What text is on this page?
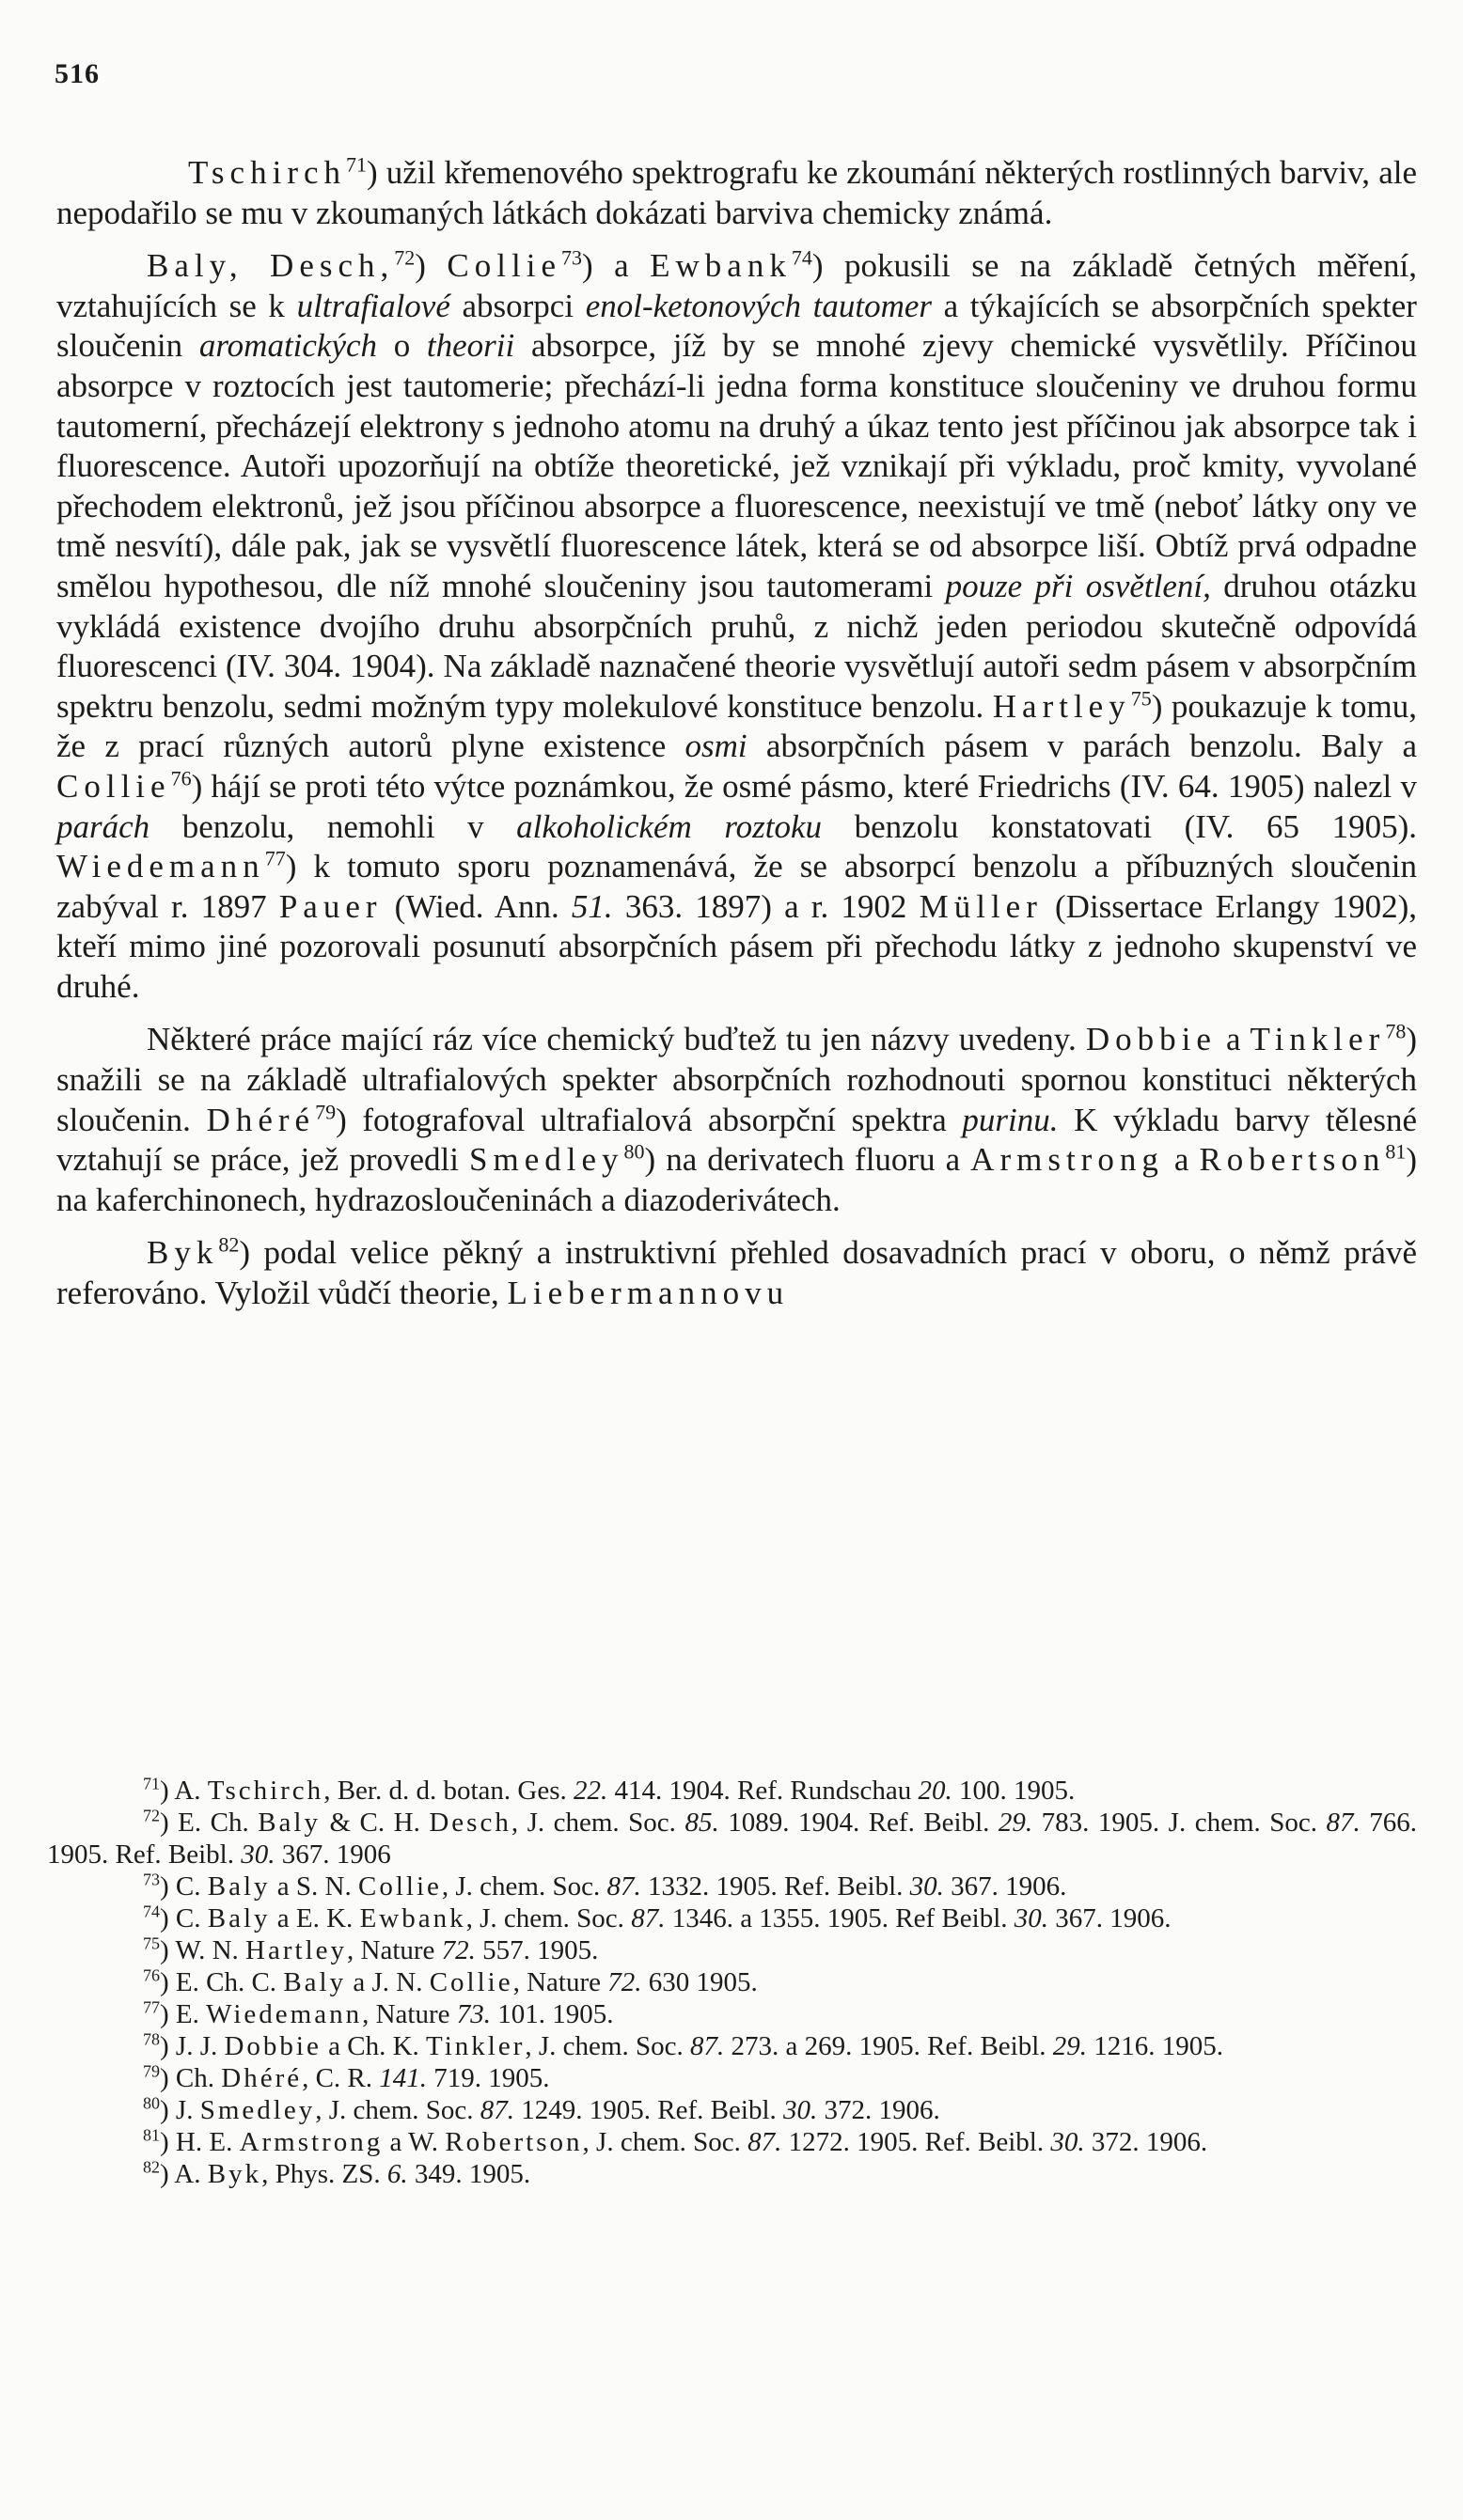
516

Tschirch$^{71}$) užil křemenového spektrografu ke zkoumání některých rostlinných barviv, ale nepodařilo se mu v zkoumaných látkách dokázati barviva chemicky známá.

Baly, Desch,$^{72}$) Collie$^{73}$) a Ewbank$^{74}$) pokusili se na základě četných měření, vztahujících se k ultrafialové absorpci enol-ketonových tautomer a týkajících se absorpčních spekter sloučenin aromatických o theorii absorpce, jíž by se mnohé zjevy chemické vysvětlily. Příčinou absorpce v roztocích jest tautomerie; přechází-li jedna forma konstituce sloučeniny ve druhou formu tautomerní, přecházejí elektrony s jednoho atomu na druhý a úkaz tento jest příčinou jak absorpce tak i fluorescence. Autoři upozorňují na obtíže theoretické, jež vznikají při výkladu, proč kmity, vyvolané přechodem elektronů, jež jsou příčinou absorpce a fluorescence, neexistují ve tmě (neboť látky ony ve tmě nesvítí), dále pak, jak se vysvětlí fluorescence látek, která se od absorpce liší. Obtíž prvá odpadne smělou hypothesou, dle níž mnohé sloučeniny jsou tautomerami pouze při osvětlení, druhou otázku vykládá existence dvojího druhu absorpčních pruhů, z nichž jeden periodou skutečně odpovídá fluorescenci (IV. 304. 1904). Na základě naznačené theorie vysvětlují autoři sedm pásem v absorpčním spektru benzolu, sedmi možným typy molekulové konstituce benzolu. Hartley$^{75}$) poukazuje k tomu, že z prací různých autorů plyne existence osmi absorpčních pásem v parách benzolu. Baly a Collie$^{76}$) hájí se proti této výtce poznámkou, že osmé pásmo, které Friedrichs (IV. 64. 1905) nalezl v parách benzolu, nemohli v alkoholickém roztoku benzolu konstatovati (IV. 65 1905). Wiedemann$^{77}$) k tomuto sporu poznamenává, že se absorpcí benzolu a příbuzných sloučenin zabýval r. 1897 Pauer (Wied. Ann. 51. 363. 1897) a r. 1902 Müller (Dissertace Erlangy 1902), kteří mimo jiné pozorovali posunutí absorpčních pásem při přechodu látky z jednoho skupenství ve druhé.

Některé práce mající ráz více chemický buďtež tu jen názvy uvedeny. Dobbie a Tinkler$^{78}$) snažili se na základě ultrafialových spekter absorpčních rozhodnouti spornou konstituci některých sloučenin. Dhéré$^{79}$) fotografoval ultrafialová absorpční spektra purinu. K výkladu barvy tělesné vztahují se práce, jež provedli Smedley$^{80}$) na derivatech fluoru a Armstrong a Robertson$^{81}$) na kaferchinonech, hydrazosloučeninách a diazoderivátech.

Byk$^{82}$) podal velice pěkný a instruktivní přehled dosavadních prací v oboru, o němž právě referováno. Vyložil vůdčí theorie, Liebermannovu

$^{71}$) A. Tschirch, Ber. d. d. botan. Ges. 22. 414. 1904. Ref. Rundschau 20. 100. 1905.

$^{72}$) E. Ch. Baly & C. H. Desch, J. chem. Soc. 85. 1089. 1904. Ref. Beibl. 29. 783. 1905. J. chem. Soc. 87. 766. 1905. Ref. Beibl. 30. 367. 1906

$^{73}$) C. Baly a S. N. Collie, J. chem. Soc. 87. 1332. 1905. Ref. Beibl. 30. 367. 1906.

$^{74}$) C. Baly a E. K. Ewbank, J. chem. Soc. 87. 1346. a 1355. 1905. Ref Beibl. 30. 367. 1906.

$^{75}$) W. N. Hartley, Nature 72. 557. 1905.

$^{76}$) E. Ch. C. Baly a J. N. Collie, Nature 72. 630 1905.

$^{77}$) E. Wiedemann, Nature 73. 101. 1905.

$^{78}$) J. J. Dobbie a Ch. K. Tinkler, J. chem. Soc. 87. 273. a 269. 1905. Ref. Beibl. 29. 1216. 1905.

$^{79}$) Ch. Dhéré, C. R. 141. 719. 1905.

$^{80}$) J. Smedley, J. chem. Soc. 87. 1249. 1905. Ref. Beibl. 30. 372. 1906.

$^{81}$) H. E. Armstrong a W. Robertson, J. chem. Soc. 87. 1272. 1905. Ref. Beibl. 30. 372. 1906.

$^{82}$) A. Byk, Phys. ZS. 6. 349. 1905.
